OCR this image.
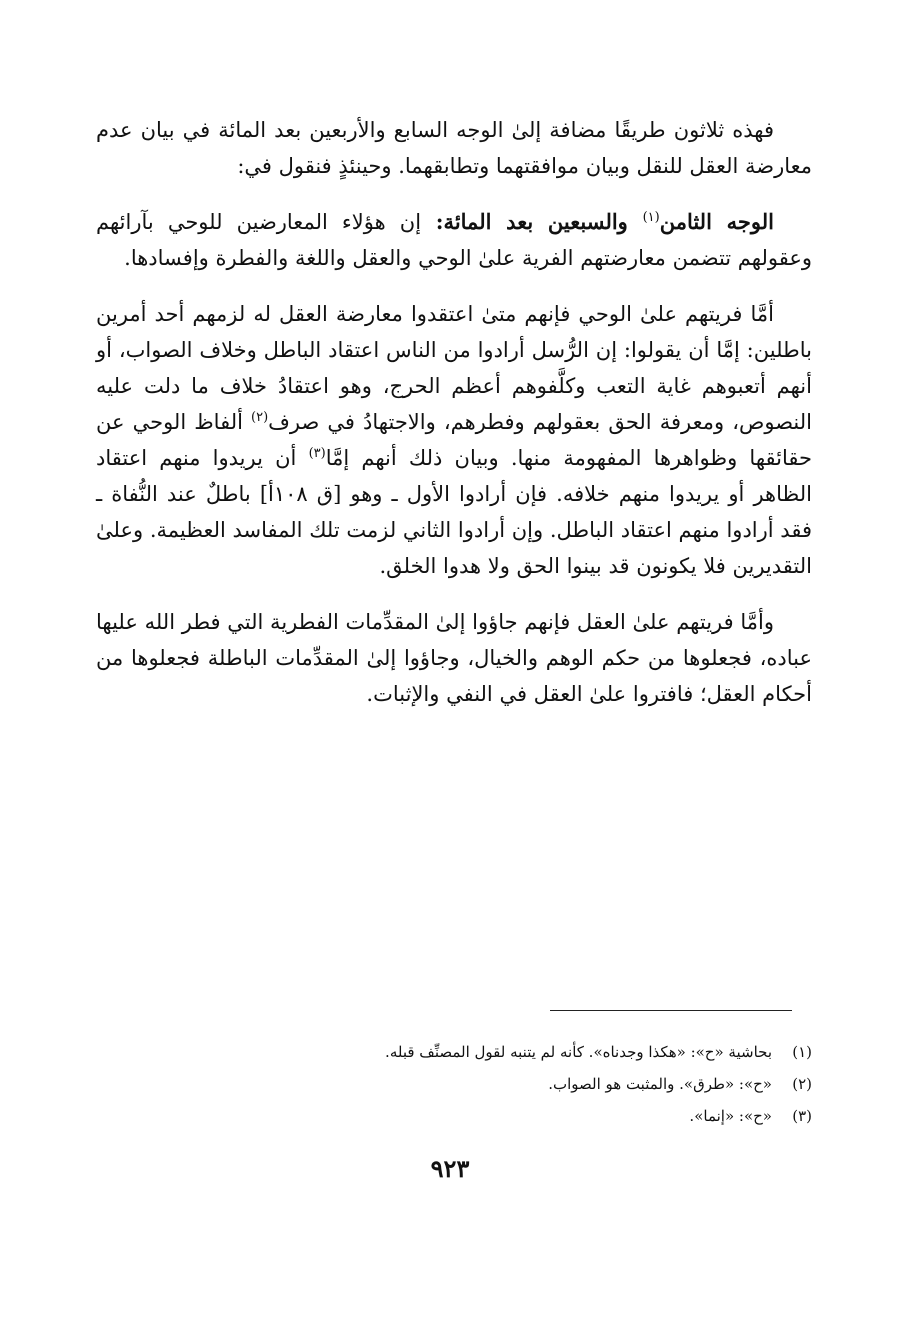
فهذه ثلاثون طريقًا مضافة إلىٰ الوجه السابع والأربعين بعد المائة في بيان عدم معارضة العقل للنقل وبيان موافقتهما وتطابقهما. وحينئذٍ فنقول في:

الوجه الثامن$^{(١)}$ والسبعين بعد المائة: إن هؤلاء المعارضين للوحي بآرائهم وعقولهم تتضمن معارضتهم الفرية علىٰ الوحي والعقل واللغة والفطرة وإفسادها.

أمَّا فريتهم علىٰ الوحي فإنهم متىٰ اعتقدوا معارضة العقل له لزمهم أحد أمرين باطلين: إمَّا أن يقولوا: إن الرُّسل أرادوا من الناس اعتقاد الباطل وخلاف الصواب، أو أنهم أتعبوهم غاية التعب وكلَّفوهم أعظم الحرج، وهو اعتقادُ خلاف ما دلت عليه النصوص، ومعرفة الحق بعقولهم وفطرهم، والاجتهادُ في صرف$^{(٢)}$ ألفاظ الوحي عن حقائقها وظواهرها المفهومة منها. وبيان ذلك أنهم إمَّا$^{(٣)}$ أن يريدوا منهم اعتقاد الظاهر أو يريدوا منهم خلافه. فإن أرادوا الأول ـ وهو [ق ١٠٨أ] باطلٌ عند النُّفاة ـ فقد أرادوا منهم اعتقاد الباطل. وإن أرادوا الثاني لزمت تلك المفاسد العظيمة. وعلىٰ التقديرين فلا يكونون قد بينوا الحق ولا هدوا الخلق.

وأمَّا فريتهم علىٰ العقل فإنهم جاؤوا إلىٰ المقدِّمات الفطرية التي فطر الله عليها عباده، فجعلوها من حكم الوهم والخيال، وجاؤوا إلىٰ المقدِّمات الباطلة فجعلوها من أحكام العقل؛ فافتروا علىٰ العقل في النفي والإثبات.

(١)بحاشية «ح»: «هكذا وجدناه». كأنه لم يتنبه لقول المصنِّف قبله.

(٢)«ح»: «طرق». والمثبت هو الصواب.

(٣)«ح»: «إنما».

٩٢٣
